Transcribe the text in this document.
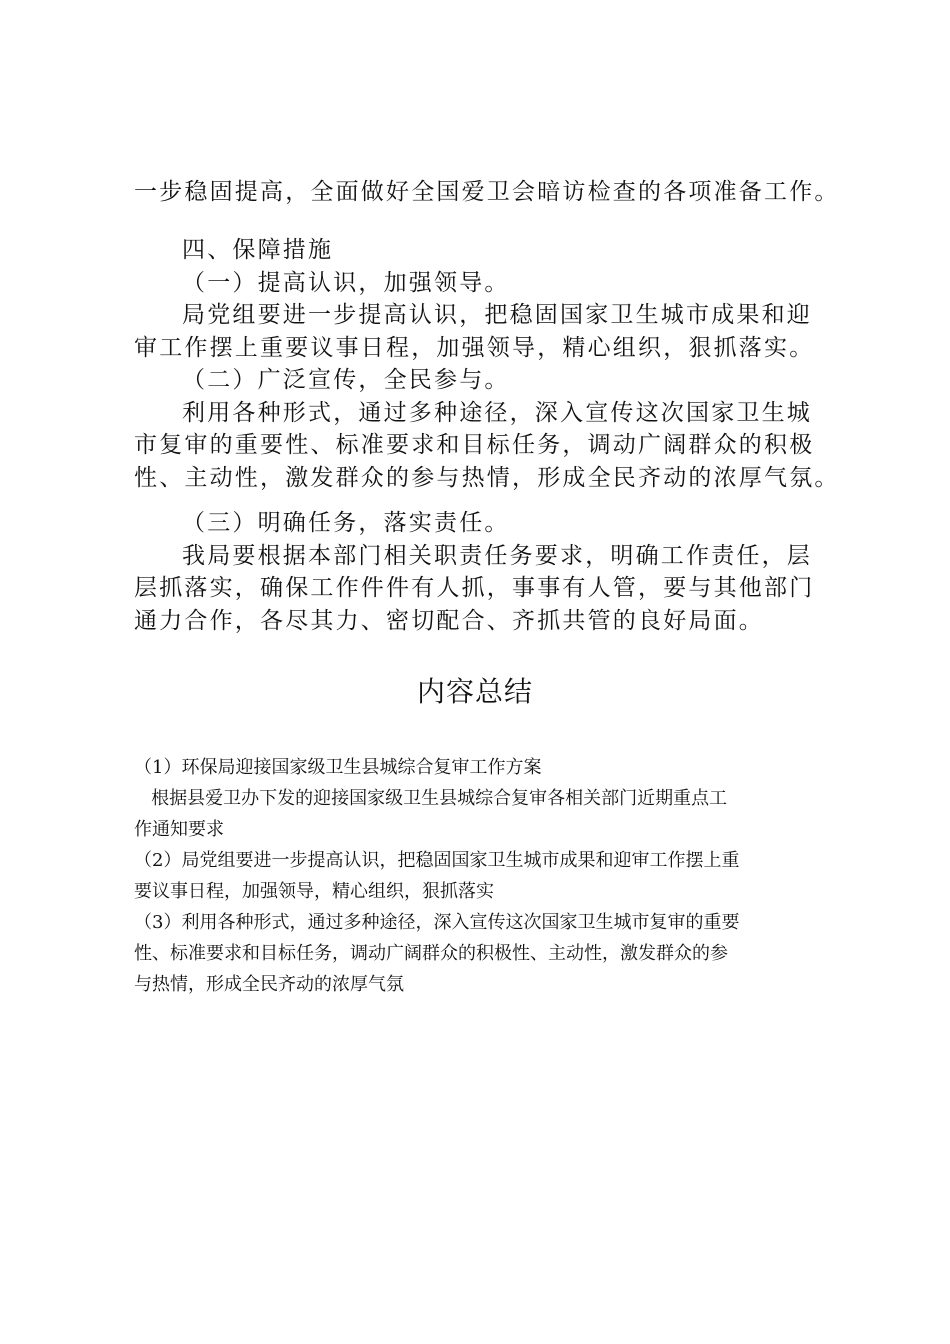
一步稳固提高，全面做好全国爱卫会暗访检查的各项准备工作。
四、保障措施
（一）提高认识，加强领导。
局党组要进一步提高认识，把稳固国家卫生城市成果和迎
审工作摆上重要议事日程，加强领导，精心组织，狠抓落实。
（二）广泛宣传，全民参与。
利用各种形式，通过多种途径，深入宣传这次国家卫生城
市复审的重要性、标准要求和目标任务，调动广阔群众的积极
性、主动性，激发群众的参与热情，形成全民齐动的浓厚气氛。
（三）明确任务，落实责任。
我局要根据本部门相关职责任务要求，明确工作责任，层
层抓落实，确保工作件件有人抓，事事有人管，要与其他部门
通力合作，各尽其力、密切配合、齐抓共管的良好局面。
内容总结
（1）环保局迎接国家级卫生县城综合复审工作方案
根据县爱卫办下发的迎接国家级卫生县城综合复审各相关部门近期重点工
作通知要求
（2）局党组要进一步提高认识，把稳固国家卫生城市成果和迎审工作摆上重
要议事日程，加强领导，精心组织，狠抓落实
（3）利用各种形式，通过多种途径，深入宣传这次国家卫生城市复审的重要
性、标准要求和目标任务，调动广阔群众的积极性、主动性，激发群众的参
与热情，形成全民齐动的浓厚气氛
